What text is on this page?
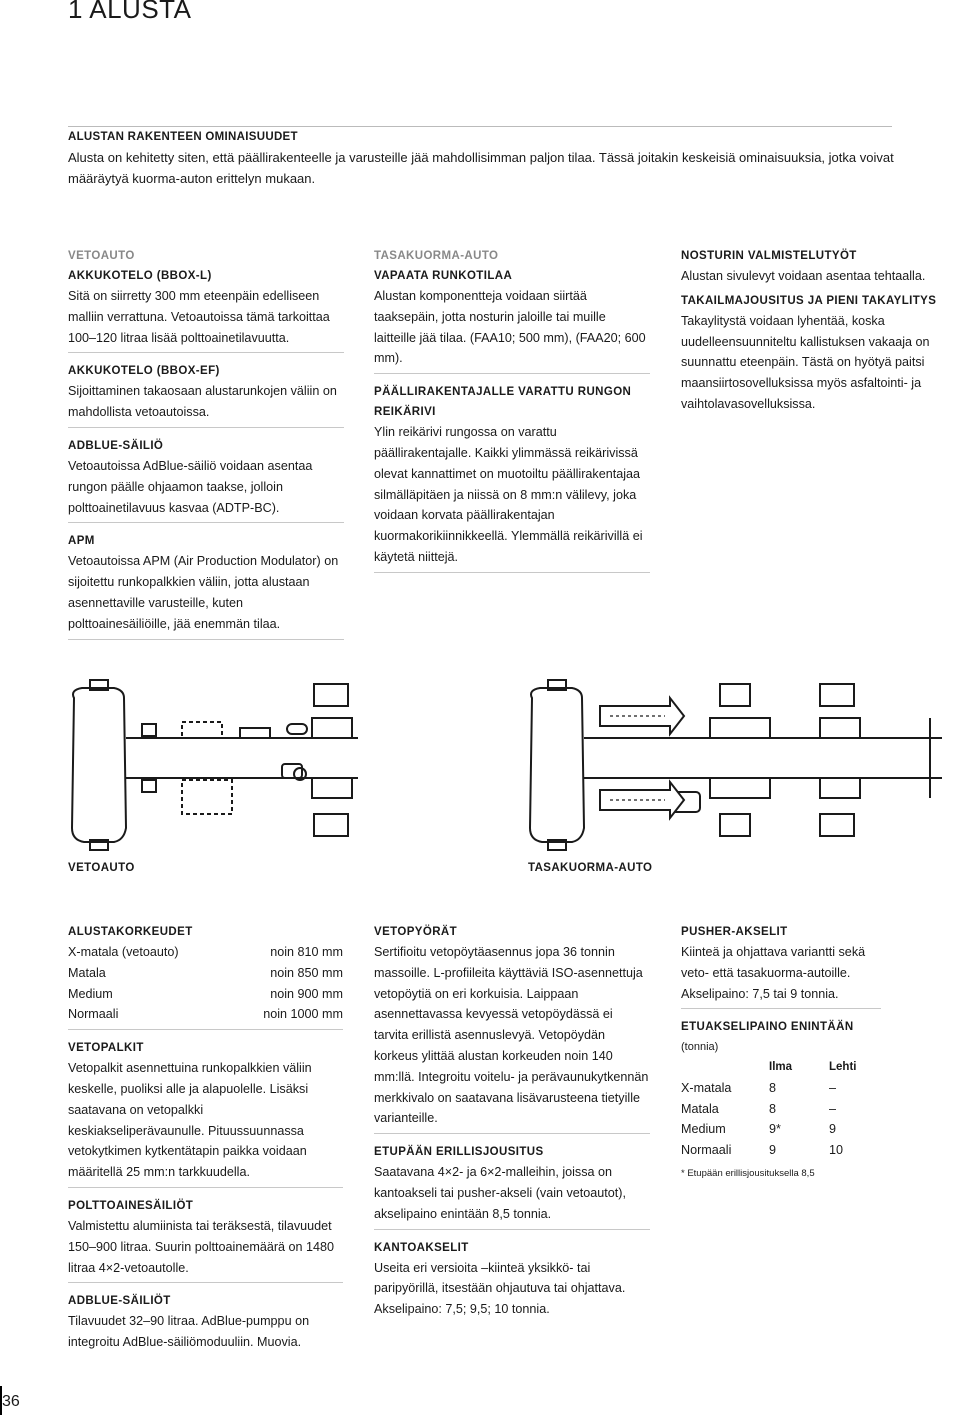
1 ALUSTA
ALUSTAN RAKENTEEN OMINAISUUDET

Alusta on kehitetty siten, että päällirakenteelle ja varusteille jää mahdollisimman paljon tilaa. Tässä joitakin keskeisiä ominaisuuksia, jotka voivat määräytyä kuorma-auton erittelyn mukaan.

VETOAUTO
AKKUKOTELO (BBOX-L)

Sitä on siirretty 300 mm eteenpäin edelliseen malliin verrattuna. Vetoautoissa tämä tarkoittaa 100–120 litraa lisää polttoainetilavuutta.

AKKUKOTELO (BBOX-EF)

Sijoittaminen takaosaan alustarunkojen väliin on mahdollista vetoautoissa.

ADBLUE-SÄILIÖ

Vetoautoissa AdBlue-säiliö voidaan asentaa rungon päälle ohjaamon taakse, jolloin polttoainetilavuus kasvaa (ADTP-BC).

APM

Vetoautoissa APM (Air Production Modulator) on sijoitettu runkopalkkien väliin, jotta alustaan asennettaville varusteille, kuten polttoainesäiliöille, jää enemmän tilaa.

TASAKUORMA-AUTO
VAPAATA RUNKOTILAA

Alustan komponentteja voidaan siirtää taaksepäin, jotta nosturin jaloille tai muille laitteille jää tilaa. (FAA10; 500 mm), (FAA20; 600 mm).

PÄÄLLIRAKENTAJALLE VARATTU RUNGON REIKÄRIVI

Ylin reikärivi rungossa on varattu päällirakentajalle. Kaikki ylimmässä reikärivissä olevat kannattimet on muotoiltu päällirakentajaa silmälläpitäen ja niissä on 8 mm:n välilevy, joka voidaan korvata päällirakentajan kuormakorikiinnikkeellä. Ylemmällä reikärivillä ei käytetä niittejä.

NOSTURIN VALMISTELUTYÖT

Alustan sivulevyt voidaan asentaa tehtaalla.

TAKAILMAJOUSITUS JA PIENI TAKAYLITYS

Takaylitystä voidaan lyhentää, koska uudelleensuunniteltu kallistuksen vakaaja on suunnattu eteenpäin. Tästä on hyötyä paitsi maansiirtosovelluksissa myös asfaltointi- ja vaihtolavasovelluksissa.

VETOAUTO	TASAKUORMA-AUTO
ALUSTAKORKEUDET
X-matala (vetoauto)	noin 810 mm
Matala	noin 850 mm
Medium	noin 900 mm
Normaali	noin 1000 mm
VETOPALKIT

Vetopalkit asennettuina runkopalkkien väliin keskelle, puoliksi alle ja alapuolelle. Lisäksi saatavana on vetopalkki keskiakseliperävaunulle. Pituussuunnassa vetokytkimen kytkentätapin paikka voidaan määritellä 25 mm:n tarkkuudella.

POLTTOAINESÄILIÖT

Valmistettu alumiinista tai teräksestä, tilavuudet 150–900 litraa. Suurin polttoainemäärä on 1480 litraa 4×2-vetoautolle.

ADBLUE-SÄILIÖT

Tilavuudet 32–90 litraa. AdBlue-pumppu on integroitu AdBlue-säiliömoduuliin. Muovia.

VETOPYÖRÄT

Sertifioitu vetopöytäasennus jopa 36 tonnin massoille. L-profiileita käyttäviä ISO-asennettuja vetopöytiä on eri korkuisia. Laippaan asennettavassa kevyessä vetopöydässä ei tarvita erillistä asennuslevyä. Vetopöydän korkeus ylittää alustan korkeuden noin 140 mm:llä. Integroitu voitelu- ja perävaunukytkennän merkkivalo on saatavana lisävarusteena tietyille varianteille.

ETUPÄÄN ERILLISJOUSITUS

Saatavana 4×2- ja 6×2-malleihin, joissa on kantoakseli tai pusher-akseli (vain vetoautot), akselipaino enintään 8,5 tonnia.

KANTOAKSELIT

Useita eri versioita –kiinteä yksikkö- tai paripyörillä, itsestään ohjautuva tai ohjattava. Akselipaino: 7,5; 9,5; 10 tonnia.

PUSHER-AKSELIT

Kiinteä ja ohjattava variantti sekä veto- että tasakuorma-autoille. Akselipaino: 7,5 tai 9 tonnia.

ETUAKSELIPAINO ENINTÄÄN (tonnia)
	Ilma	Lehti
X-matala	8	–
Matala	8	–
Medium	9*	9
Normaali	9	10
* Etupään erillisjousituksella 8,5
36
